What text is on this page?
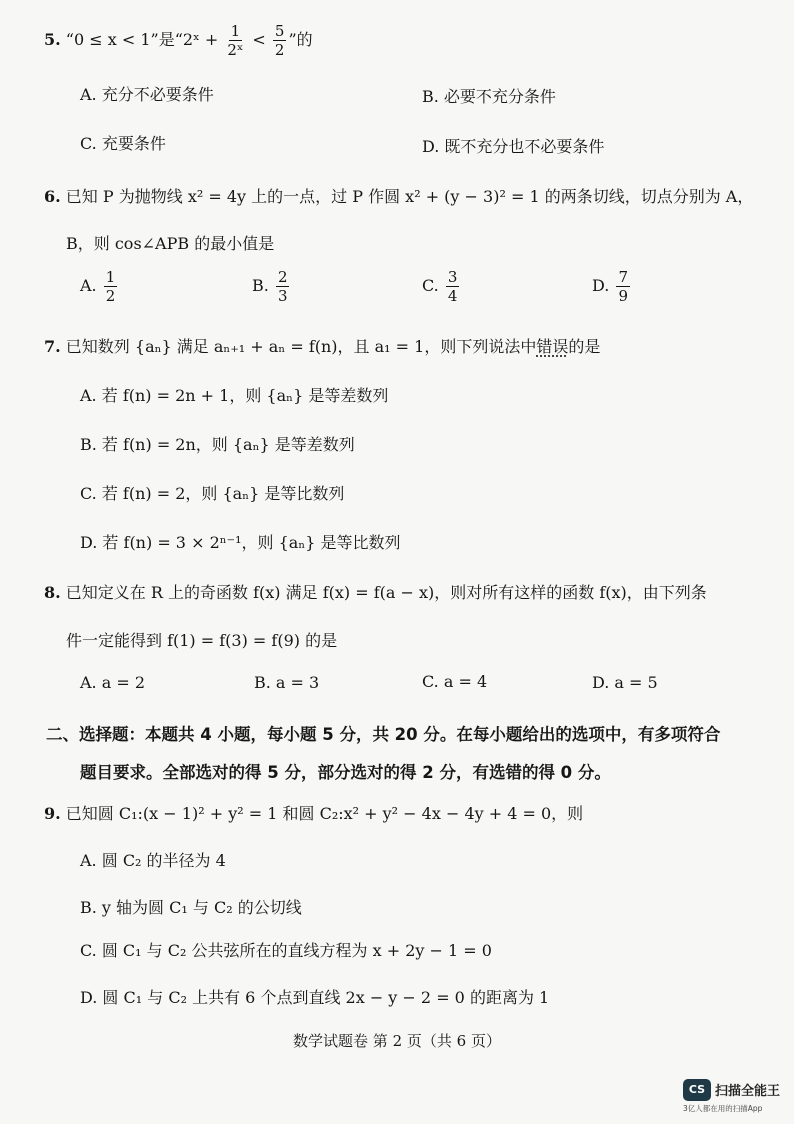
5. “0 ≤ x < 1”是“2ˣ + $\frac{1}{\text{2ˣ}} < \frac{5}{2}$ ”的
A. 充分不必要条件	B. 必要不充分条件
C. 充要条件	D. 既不充分也不必要条件
6. 已知 P 为抛物线 x² = 4y 上的一点，过 P 作圆 x² + (y − 3)² = 1 的两条切线，切点分别为 A，
B，则 cos∠APB 的最小值是
A. $\frac{1}{2}$	B. $\frac{2}{3}$	C. $\frac{3}{4}$	D. $\frac{7}{9}$
7. 已知数列 {aₙ} 满足 aₙ₊₁ + aₙ = f(n)，且 a₁ = 1，则下列说法中错误的是
A. 若 f(n) = 2n + 1，则 {aₙ} 是等差数列
B. 若 f(n) = 2n，则 {aₙ} 是等差数列
C. 若 f(n) = 2，则 {aₙ} 是等比数列
D. 若 f(n) = 3 × 2ⁿ⁻¹，则 {aₙ} 是等比数列
8. 已知定义在 R 上的奇函数 f(x) 满足 f(x) = f(a − x)，则对所有这样的函数 f(x)，由下列条
件一定能得到 f(1) = f(3) = f(9) 的是
A. a = 2	B. a = 3	C. a = 4	D. a = 5
二、选择题：本题共 4 小题，每小题 5 分，共 20 分。在每小题给出的选项中，有多项符合
题目要求。全部选对的得 5 分，部分选对的得 2 分，有选错的得 0 分。
9. 已知圆 C₁:(x − 1)² + y² = 1 和圆 C₂:x² + y² − 4x − 4y + 4 = 0，则
A. 圆 C₂ 的半径为 4
B. y 轴为圆 C₁ 与 C₂ 的公切线
C. 圆 C₁ 与 C₂ 公共弦所在的直线方程为 x + 2y − 1 = 0
D. 圆 C₁ 与 C₂ 上共有 6 个点到直线 2x − y − 2 = 0 的距离为 1
数学试题卷 第 2 页（共 6 页）
CS 扫描全能王
3亿人都在用的扫描App
